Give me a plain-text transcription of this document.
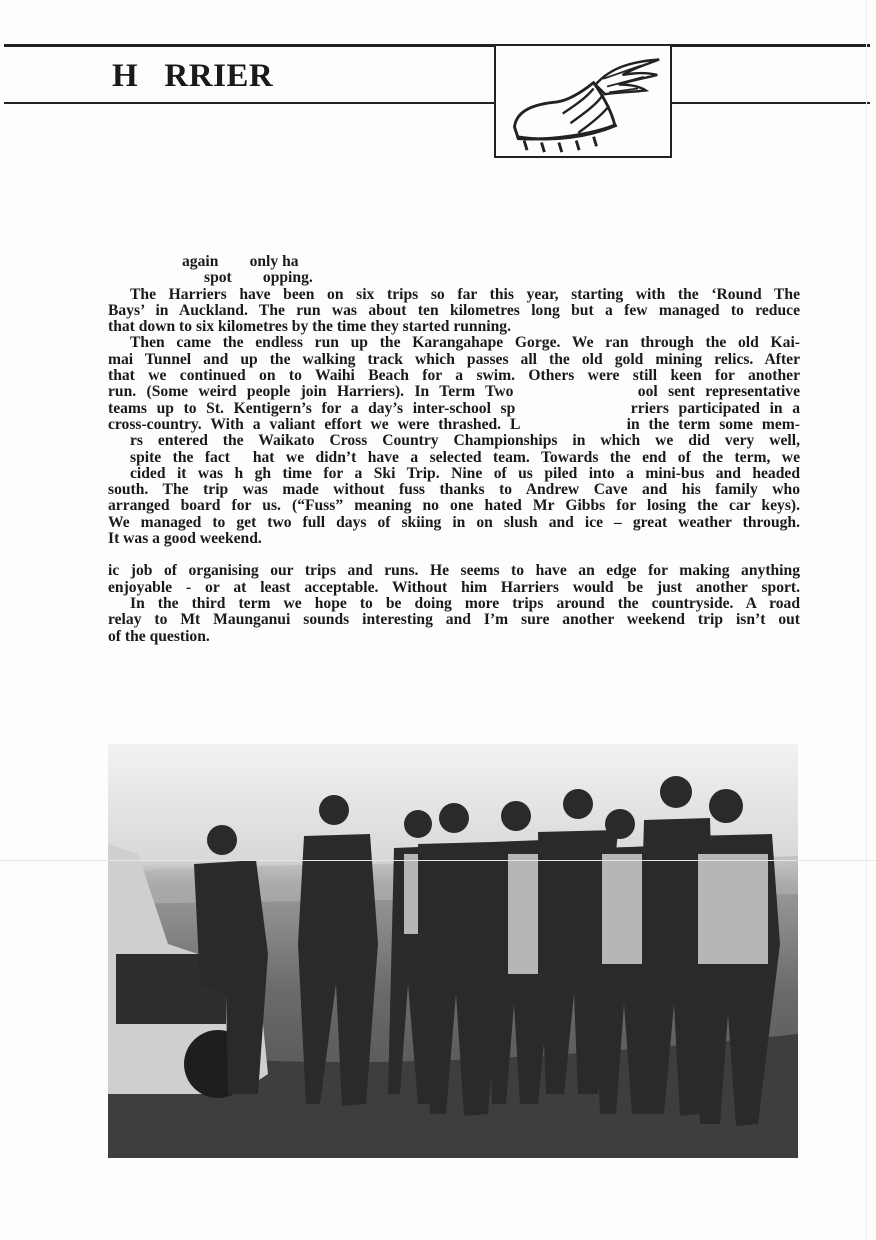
H   RRIER

again        only ha
spot        opping.

The Harriers have been on six trips so far this year, starting with the ‘Round The
Bays’ in Auckland. The run was about ten kilometres long but a few managed to reduce
that down to six kilometres by the time they started running.

Then came the endless run up the Karangahape Gorge. We ran through the old Kai-
mai Tunnel and up the walking track which passes all the old gold mining relics. After
that we continued on to Waihi Beach for a swim. Others were still keen for another
run. (Some weird people join Harriers). In Term Two            ool sent representative
teams up to St. Kentigern’s for a day’s inter-school sp            rriers participated in a
cross-country. With a valiant effort we were thrashed. L            in the term some mem-
rs entered the Waikato Cross Country Championships in which we did very well,
spite the fact  hat we didn’t have a selected team. Towards the end of the term, we
cided it was h gh time for a Ski Trip. Nine of us piled into a mini-bus and headed
south. The trip was made without fuss thanks to Andrew Cave and his family who
arranged board for us. (“Fuss” meaning no one hated Mr Gibbs for losing the car keys).
We managed to get two full days of skiing in on slush and ice – great weather through.
It was a good weekend.

ic job of organising our trips and runs. He seems to have an edge for making anything
enjoyable - or at least acceptable. Without him Harriers would be just another sport.

In the third term we hope to be doing more trips around the countryside. A road
relay to Mt Maunganui sounds interesting and I’m sure another weekend trip isn’t out
of the question.
